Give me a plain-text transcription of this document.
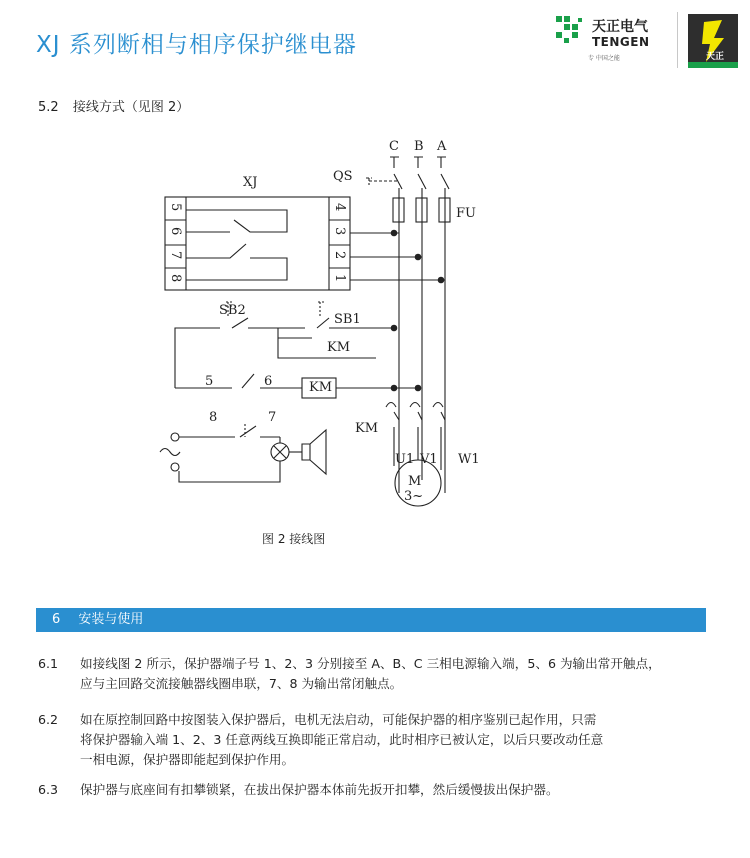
XJ 系列断相与相序保护继电器
天正电气
TENGEN
专 中国之能	天正
5.2 接线方式（见图 2）
XJ
5
6
7
8
4
3
2
1
C B A
QS
FU
SB2
SB1
KM
KM
KM
5	6
8	7
U1 V1 W1
M
3~
图 2 接线图
6 安装与使用
6.1	如接线图 2 所示，保护器端子号 1、2、3 分别接至 A、B、C 三相电源输入端，5、6 为输出常开触点，
应与主回路交流接触器线圈串联，7、8 为输出常闭触点。
6.2	如在原控制回路中按图装入保护器后，电机无法启动，可能保护器的相序鉴别已起作用，只需
将保护器输入端 1、2、3 任意两线互换即能正常启动，此时相序已被认定，以后只要改动任意
一相电源，保护器即能起到保护作用。
6.3	保护器与底座间有扣攀锁紧，在拔出保护器本体前先扳开扣攀，然后缓慢拔出保护器。
